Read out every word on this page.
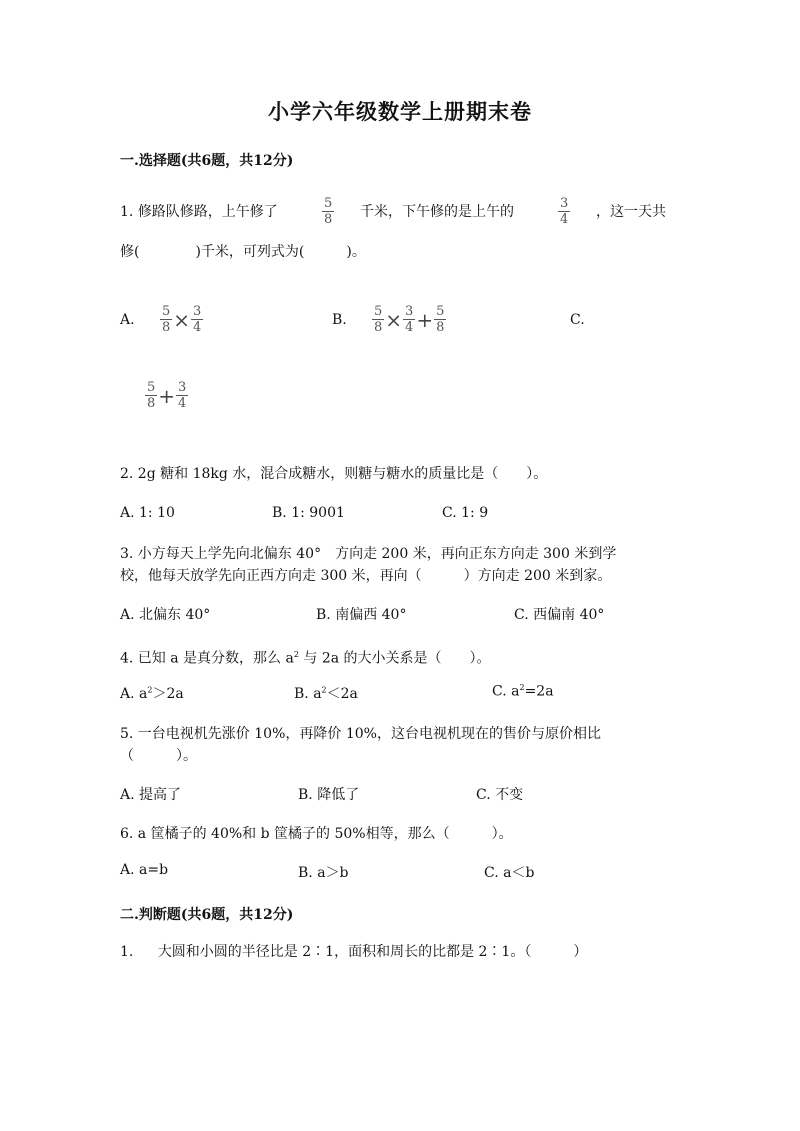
小学六年级数学上册期末卷
一.选择题(共6题，共12分)
1. 修路队修路，上午修了	$\frac{5}{8}$ 千米，下午修的是上午的	$\frac{3}{4}$ ，这一天共
修(　　　　)千米，可列式为(　　　)。
A. $\frac{5}{8} \times \frac{3}{4}$	B. $\frac{5}{8} \times \frac{3}{4} + \frac{5}{8}$	C.
$\frac{5}{8} + \frac{3}{4}$
2. 2g 糖和 18kg 水，混合成糖水，则糖与糖水的质量比是（　　）。
A. 1: 10	B. 1: 9001	C. 1: 9
3. 小方每天上学先向北偏东 40°　方向走 200 米，再向正东方向走 300 米到学
校，他每天放学先向正西方向走 300 米，再向（　　　）方向走 200 米到家。
A. 北偏东 40°	B. 南偏西 40°	C. 西偏南 40°
4. 已知 a 是真分数，那么 $a^2$ 与 2a 的大小关系是（　　）。
A. $a^2>2a$	B. $a^2<2a$	C. $a^2=2a$
5. 一台电视机先涨价 10%，再降价 10%，这台电视机现在的售价与原价相比
（　　　）。
A. 提高了	B. 降低了	C. 不变
6. a 筐橘子的 40%和 b 筐橘子的 50%相等，那么（　　　）。
A. a=b	B. a＞b	C. a＜b
二.判断题(共6题，共12分)
1. 大圆和小圆的半径比是 2∶1，面积和周长的比都是 2∶1。（　　　）
